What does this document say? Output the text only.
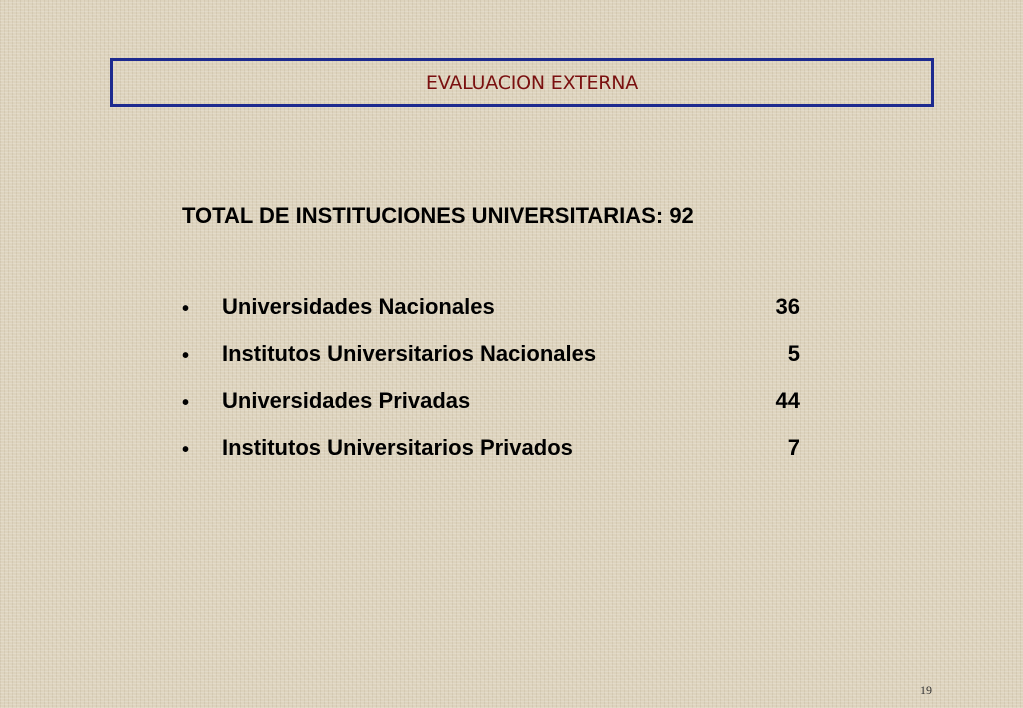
EVALUACION EXTERNA
TOTAL DE INSTITUCIONES UNIVERSITARIAS: 92
• Universidades Nacionales	36
• Institutos Universitarios Nacionales	5
• Universidades Privadas	44
• Institutos Universitarios Privados	7
19
